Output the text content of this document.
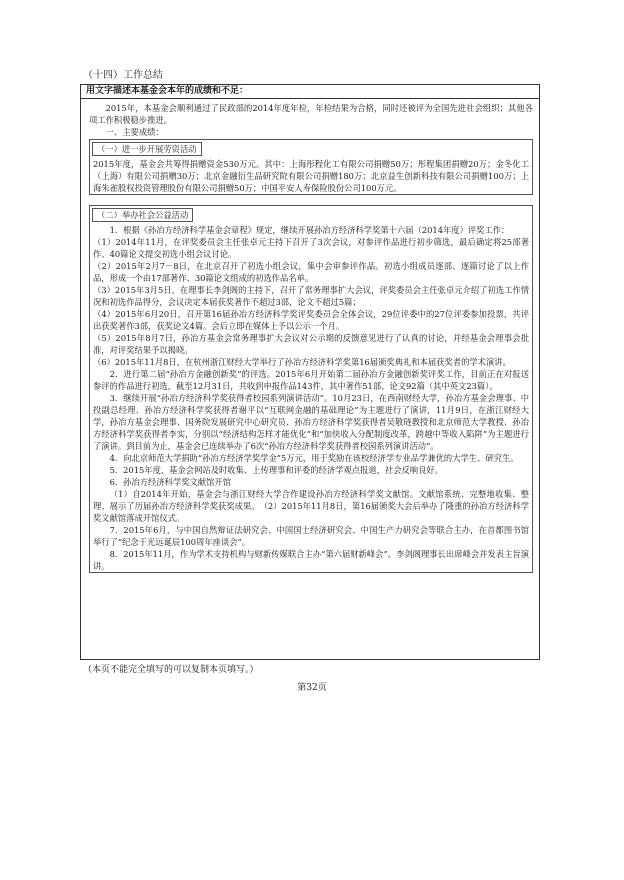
（十四）工作总结
用文字描述本基金会本年的成绩和不足：

2015年，本基金会顺利通过了民政部的2014年度年检，年检结果为合格，同时还被评为全国先进社会组织；其他各项工作积极稳步推进。

一、主要成绩：

（一）进一步开展劳资活动

2015年度，基金会共筹得捐赠资金530万元。其中：上海彤程化工有限公司捐赠50万；彤程集团捐赠20万；金冬化工（上海）有限公司捐赠30万；北京金融衍生品研究院有限公司捐赠180万；北京益生创新科技有限公司捐赠100万；上海朱雀股权投资管理股份有限公司捐赠50万；中国平安人寿保险股份公司100万元。

（二）举办社会公益活动

1．根据《孙冶方经济科学基金会章程》规定，继续开展孙冶方经济科学奖第十六届（2014年度）评奖工作：

（1）2014年11月，在评奖委员会主任张卓元主持下召开了3次会议，对参评作品进行初步筛选，最后确定将25部著作、40篇论文提交初选小组会议讨论。

（2）2015年2月7－8日，在北京召开了初选小组会议，集中会审参评作品。初选小组成员逐部、逐篇讨论了以上作品，形成一个由17部著作、30篇论文组成的初选作品名单。

（3）2015年3月5日，在理事长李剑阁的主持下，召开了常务理事扩大会议，评奖委员会主任张卓元介绍了初选工作情况和初选作品得分，会议决定本届获奖著作不超过3部，论文不超过5篇；

（4）2015年6月20日，召开第16届孙冶方经济科学奖评奖委员会全体会议，29位评委中的27位评委参加投票，共评出获奖著作3部，获奖论文4篇。会后立即在媒体上予以公示一个月。

（5）2015年8月7日，孙冶方基金会常务理事扩大会议对公示期的反馈意见进行了认真的讨论，并经基金会理事会批准，对评奖结果予以揭晓。

（6）2015年11月8日，在杭州浙江财经大学举行了孙冶方经济科学奖第16届颁奖典礼和本届获奖者的学术演讲。

2．进行第二届“孙冶方金融创新奖”的评选。2015年6月开始第二届孙冶方金融创新奖评奖工作，目前正在对报送参评的作品进行初选，截至12月31日，共收到申报作品143件，其中著作51部、论文92篇（其中英文23篇）。

3．继续开展“孙冶方经济科学奖获得者校园系列演讲活动”。10月23日，在西南财经大学，孙冶方基金会理事、中投副总经理、孙冶方经济科学奖获得者谢平以“互联网金融的基础理论”为主题进行了演讲，11月9日，在浙江财经大学，孙冶方基金会理事、国务院发展研究中心研究员、孙冶方经济科学奖获得者吴敬琏教授和北京师范大学教授、孙冶方经济科学奖获得者李实，分别以“经济结构怎样才能优化”和“加快收入分配制度改革，跨越中等收入陷阱”为主题进行了演讲。到目前为止，基金会已连续举办了6次“孙冶方经济科学奖获得者校园系列演讲活动”。

4．向北京师范大学捐助“孙冶方经济学奖学金”5万元，用于奖励在该校经济学专业品学兼优的大学生、研究生。

5．2015年度，基金会网站及时收集、上传理事和评委的经济学观点报道，社会反响良好。

6．孙冶方经济科学奖文献馆开馆

（1）自2014年开始，基金会与浙江财经大学合作建设孙冶方经济科学奖文献馆。文献馆系统、完整地收集、整理、展示了历届孙冶方经济科学奖获奖成果。　（2）2015年11月8日，第16届颁奖大会后举办了隆重的孙冶方经济科学奖文献馆落成开馆仪式。

7．2015年6月，与中国自然辩证法研究会、中国国土经济研究会、中国生产力研究会等联合主办，在首都图书馆举行了“纪念于光远诞辰100周年座谈会”。

8．2015年11月，作为学术支持机构与财新传媒联合主办“第六届财新峰会”。李剑阁理事长出席峰会并发表主旨演讲。

（本页不能完全填写的可以复制本页填写。）
第32页
